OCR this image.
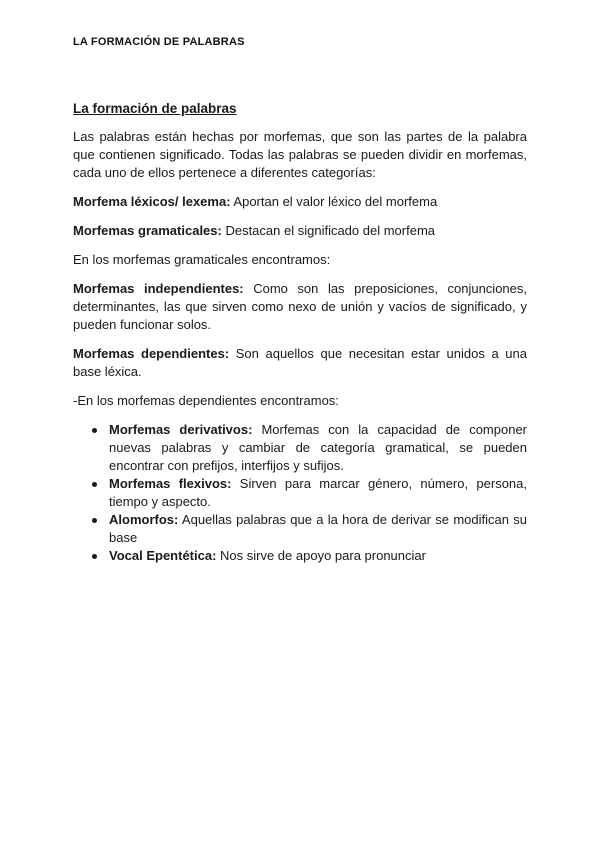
LA FORMACIÓN DE PALABRAS
La formación de palabras

Las palabras están hechas por morfemas, que son las partes de la palabra que contienen significado. Todas las palabras se pueden dividir en morfemas, cada uno de ellos pertenece a diferentes categorías:

Morfema léxicos/ lexema: Aportan el valor léxico del morfema

Morfemas gramaticales: Destacan el significado del morfema

En los morfemas gramaticales encontramos:

Morfemas independientes: Como son las preposiciones, conjunciones, determinantes, las que sirven como nexo de unión y vacíos de significado, y pueden funcionar solos.

Morfemas dependientes: Son aquellos que necesitan estar unidos a una base léxica.

-En los morfemas dependientes encontramos:

Morfemas derivativos: Morfemas con la capacidad de componer nuevas palabras y cambiar de categoría gramatical, se pueden encontrar con prefijos, interfijos y sufijos.
Morfemas flexivos: Sirven para marcar género, número, persona, tiempo y aspecto.
Alomorfos: Aquellas palabras que a la hora de derivar se modifican su base
Vocal Epentética: Nos sirve de apoyo para pronunciar
